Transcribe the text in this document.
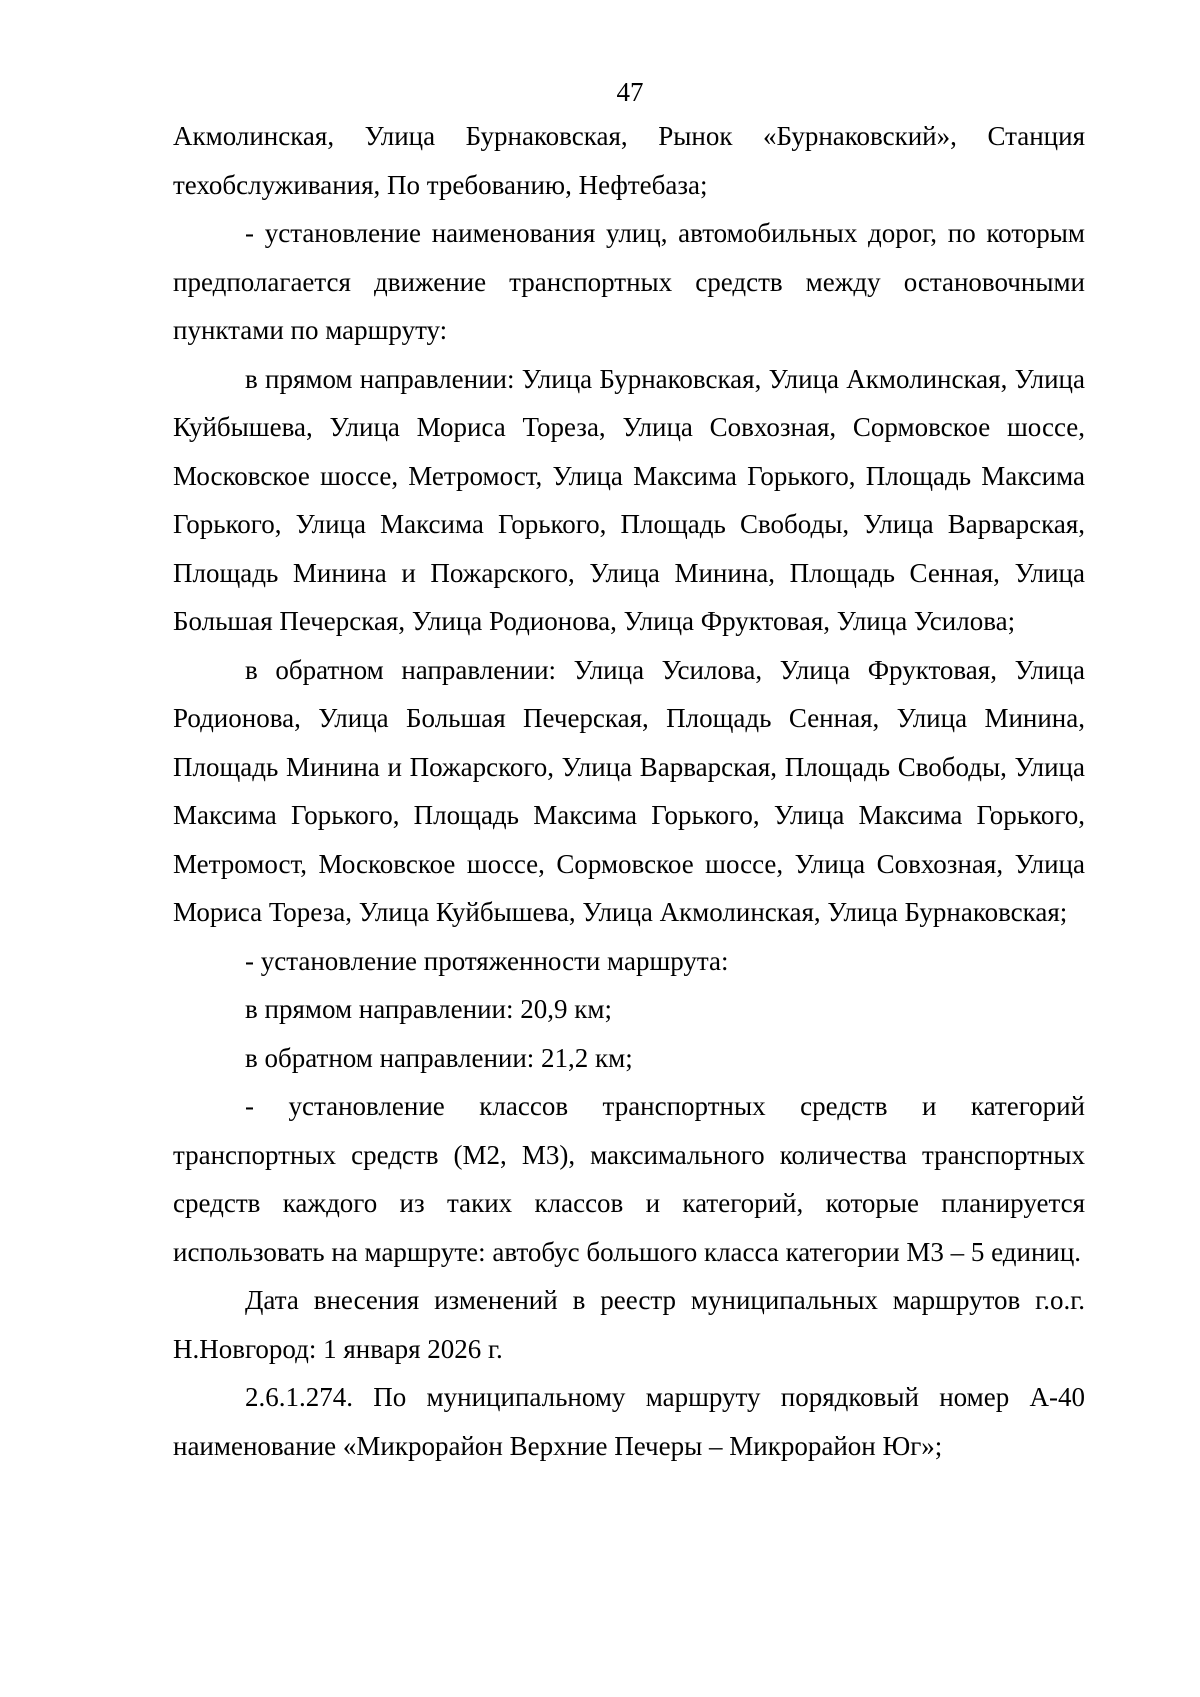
47

Акмолинская, Улица Бурнаковская, Рынок «Бурнаковский», Станция техобслуживания, По требованию, Нефтебаза;

- установление наименования улиц, автомобильных дорог, по которым предполагается движение транспортных средств между остановочными пунктами по маршруту:

в прямом направлении: Улица Бурнаковская, Улица Акмолинская, Улица Куйбышева, Улица Мориса Тореза, Улица Совхозная, Сормовское шоссе, Московское шоссе, Метромост, Улица Максима Горького, Площадь Максима Горького, Улица Максима Горького, Площадь Свободы, Улица Варварская, Площадь Минина и Пожарского, Улица Минина, Площадь Сенная, Улица Большая Печерская, Улица Родионова, Улица Фруктовая, Улица Усилова;

в обратном направлении: Улица Усилова, Улица Фруктовая, Улица Родионова, Улица Большая Печерская, Площадь Сенная, Улица Минина, Площадь Минина и Пожарского, Улица Варварская, Площадь Свободы, Улица Максима Горького, Площадь Максима Горького, Улица Максима Горького, Метромост, Московское шоссе, Сормовское шоссе, Улица Совхозная, Улица Мориса Тореза, Улица Куйбышева, Улица Акмолинская, Улица Бурнаковская;

- установление протяженности маршрута:

в прямом направлении: 20,9 км;

в обратном направлении: 21,2 км;

- установление классов транспортных средств и категорий транспортных средств (М2, М3), максимального количества транспортных средств каждого из таких классов и категорий, которые планируется использовать на маршруте: автобус большого класса категории М3 – 5 единиц.

Дата внесения изменений в реестр муниципальных маршрутов г.о.г. Н.Новгород: 1 января 2026 г.

2.6.1.274. По муниципальному маршруту порядковый номер А-40 наименование «Микрорайон Верхние Печеры – Микрорайон Юг»;
